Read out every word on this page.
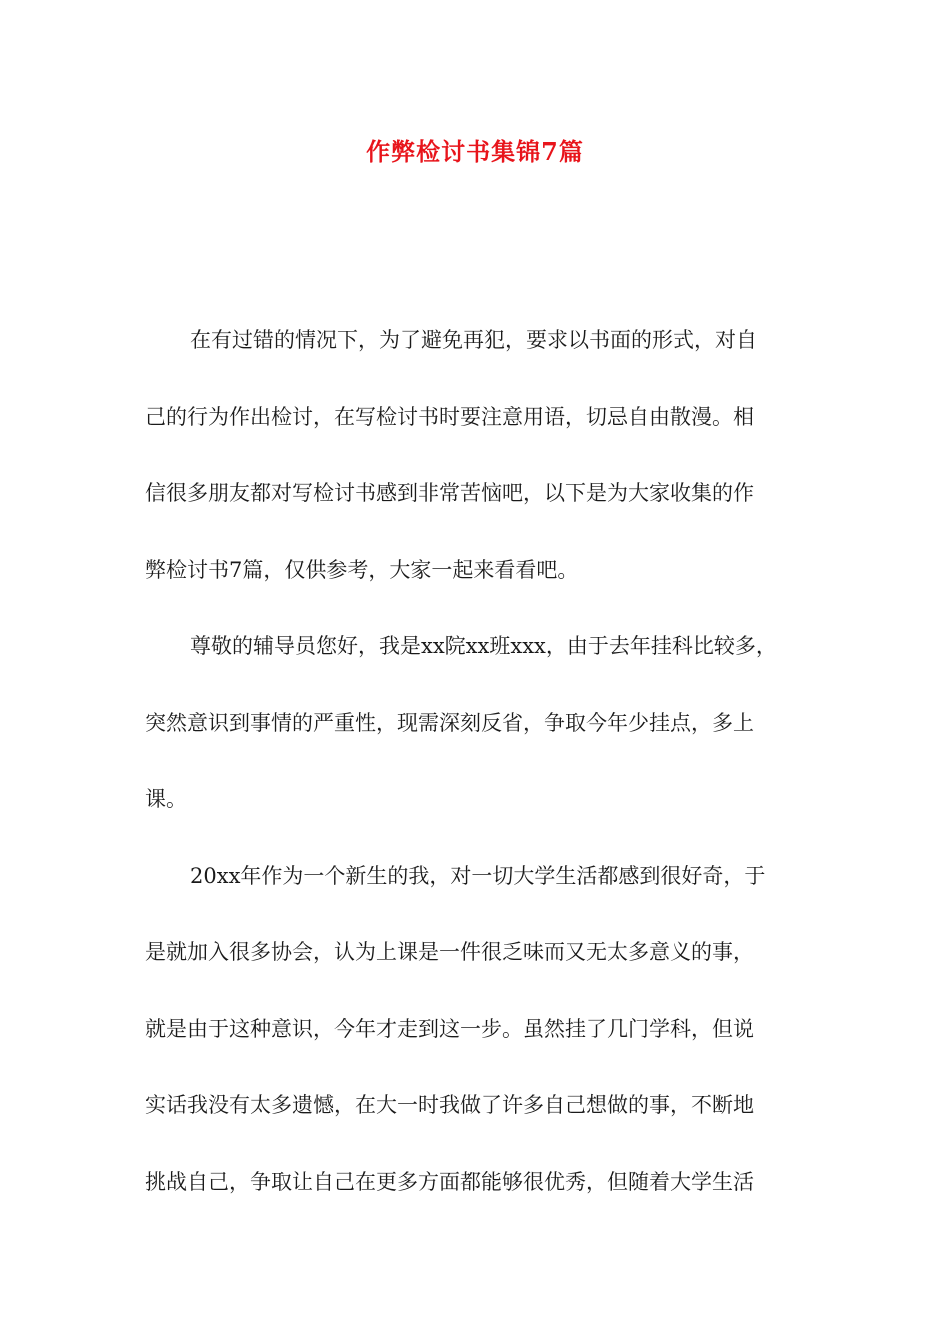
作弊检讨书集锦7篇
在有过错的情况下，为了避免再犯，要求以书面的形式，对自
己的行为作出检讨，在写检讨书时要注意用语，切忌自由散漫。相
信很多朋友都对写检讨书感到非常苦恼吧，以下是为大家收集的作
弊检讨书7篇，仅供参考，大家一起来看看吧。
尊敬的辅导员您好，我是xx院xx班xxx，由于去年挂科比较多，
突然意识到事情的严重性，现需深刻反省，争取今年少挂点，多上
课。
20xx年作为一个新生的我，对一切大学生活都感到很好奇，于
是就加入很多协会，认为上课是一件很乏味而又无太多意义的事，
就是由于这种意识，今年才走到这一步。虽然挂了几门学科，但说
实话我没有太多遗憾，在大一时我做了许多自己想做的事，不断地
挑战自己，争取让自己在更多方面都能够很优秀，但随着大学生活
